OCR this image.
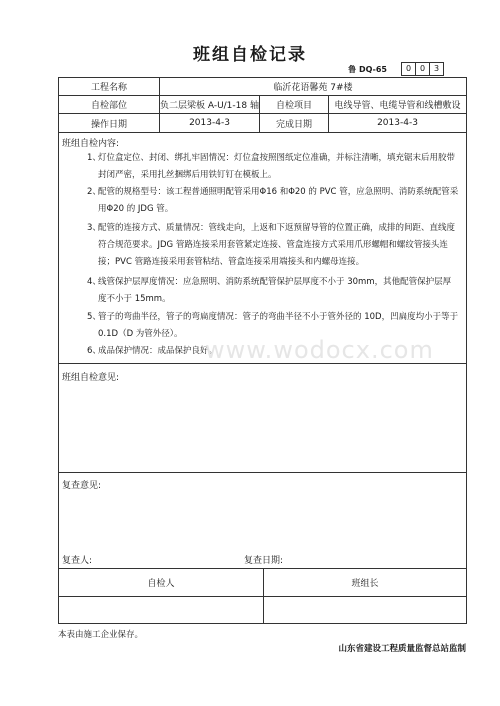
班组自检记录
鲁 DQ-65	0	0	3
工程名称	临沂花语馨苑 7#楼
自检部位	负二层梁板 A-U/1-18 轴	自检项目	电线导管、电缆导管和线槽敷设
操作日期	2013-4-3	完成日期	2013-4-3
班组自检内容:
1、
灯位盒定位、封闭、绑扎牢固情况：灯位盒按照图纸定位准确，并标注清晰，填充锯末后用胶带封闭严密，采用扎丝捆绑后用铁钉钉在模板上。
2、
配管的规格型号：该工程普通照明配管采用Φ16 和Φ20 的 PVC 管，应急照明、消防系统配管采用Φ20 的 JDG 管。
3、
配管的连接方式、质量情况：管线走向，上返和下返预留导管的位置正确，成排的间距、直线度符合规范要求。JDG 管路连接采用套管紧定连接、管盒连接方式采用爪形螺帽和螺纹管接头连接；PVC 管路连接采用套管粘结、管盒连接采用端接头和内螺母连接。
4、
线管保护层厚度情况：应急照明、消防系统配管保护层厚度不小于 30mm，其他配管保护层厚度不小于 15mm。
5、
管子的弯曲半径，管子的弯扁度情况：管子的弯曲半径不小于管外径的 10D，凹扁度均小于等于 0.1D（D 为管外径）。
6、
成品保护情况：成品保护良好。
班组自检意见:
复查意见:
复查人:	复查日期:
自检人	班组长
www.wodocx.com
本表由施工企业保存。
山东省建设工程质量监督总站监制
